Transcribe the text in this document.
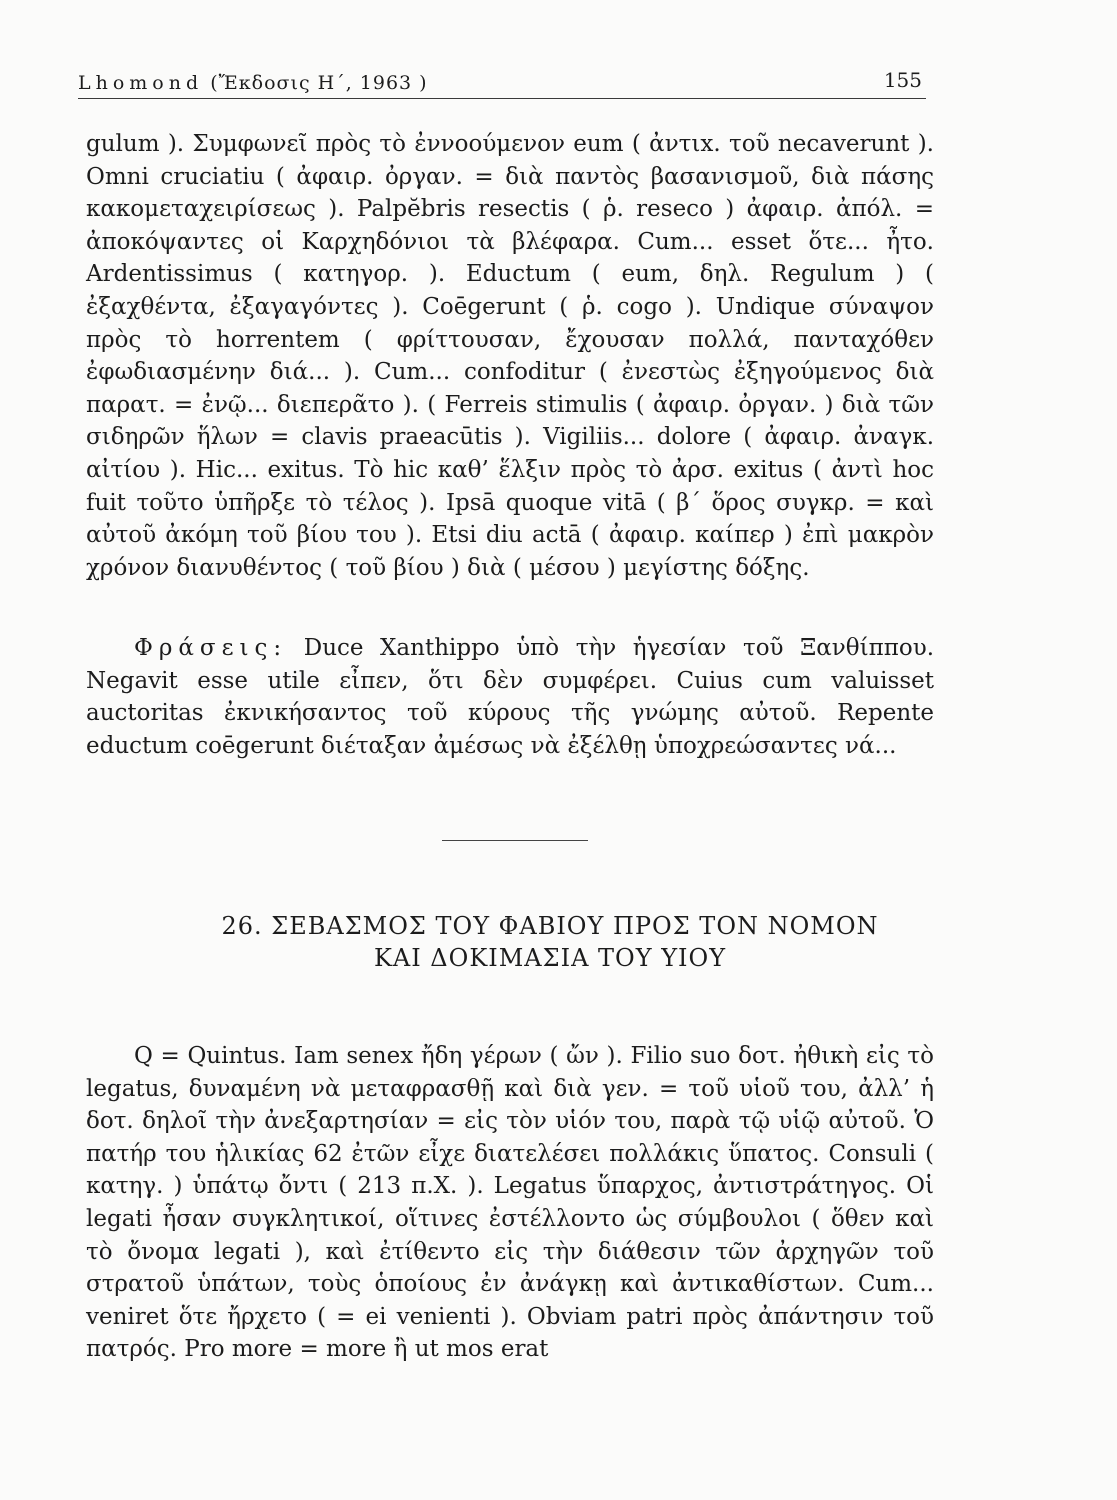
Lhomond (Ἔκδοσις Η΄, 1963 )	155

gulum ). Συμφωνεῖ πρὸς τὸ ἐννοούμενον eum ( ἀντιx. τοῦ necaverunt ). Omni cruciatiu ( ἀφαιρ. ὀργαν. = διὰ παντὸς βασανισμοῦ, διὰ πάσης κακομεταχειρίσεως ). Palpĕbris resectis ( ῥ. reseco ) ἀφαιρ. ἀπόλ. = ἀποκόψαντες οἱ Καρχηδόνιοι τὰ βλέφαρα. Cum... esset ὅτε... ἦτο. Ardentissimus ( κατηγορ. ). Eductum ( eum, δηλ. Regulum ) ( ἐξαχθέντα, ἐξαγαγόντες ). Coēgerunt ( ῥ. cogo ). Undique σύναψον πρὸς τὸ horrentem ( φρίττουσαν, ἔχουσαν πολλά, πανταχόθεν ἐφωδιασμένην διά... ). Cum... confoditur ( ἐνεστὼς ἐξηγούμενος διὰ παρατ. = ἐνῷ... διεπερᾶτο ). ( Ferreis stimulis ( ἀφαιρ. ὀργαν. ) διὰ τῶν σιδηρῶν ἥλων = clavis praeacūtis ). Vigiliis... dolore ( ἀφαιρ. ἀναγκ. αἰτίου ). Hic... exitus. Τὸ hic καθ’ ἕλξιν πρὸς τὸ ἀρσ. exitus ( ἀντὶ hoc fuit τοῦτο ὑπῆρξε τὸ τέλος ). Ipsā quoque vitā ( β΄ ὅρος συγκρ. = καὶ αὐτοῦ ἀκόμη τοῦ βίου του ). Etsi diu actā ( ἀφαιρ. καίπερ ) ἐπὶ μακρὸν χρόνον διανυθέντος ( τοῦ βίου ) διὰ ( μέσου ) μεγίστης δόξης.

Φράσεις: Duce Xanthippo ὑπὸ τὴν ἡγεσίαν τοῦ Ξανθίππου. Negavit esse utile εἶπεν, ὅτι δὲν συμφέρει. Cuius cum valuisset auctoritas ἐκνικήσαντος τοῦ κύρους τῆς γνώμης αὐτοῦ. Repente eductum coēgerunt διέταξαν ἀμέσως νὰ ἐξέλθῃ ὑποχρεώσαντες νά...

26. ΣΕΒΑΣΜΟΣ ΤΟΥ ΦΑΒΙΟΥ ΠΡΟΣ ΤΟΝ ΝΟΜΟΝ
ΚΑΙ ΔΟΚΙΜΑΣΙΑ ΤΟΥ ΥΙΟΥ

Q = Quintus. Iam senex ἤδη γέρων ( ὤν ). Filio suo δοτ. ἠθικὴ εἰς τὸ legatus, δυναμένη νὰ μεταφρασθῇ καὶ διὰ γεν. = τοῦ υἱοῦ του, ἀλλ’ ἡ δοτ. δηλοῖ τὴν ἀνεξαρτησίαν = εἰς τὸν υἱόν του, παρὰ τῷ υἱῷ αὐτοῦ. Ὁ πατήρ του ἡλικίας 62 ἐτῶν εἶχε διατελέσει πολλάκις ὕπατος. Consuli ( κατηγ. ) ὑπάτῳ ὄντι ( 213 π.Χ. ). Legatus ὕπαρχος, ἀντιστράτηγος. Οἱ legati ἦσαν συγκλητικοί, οἵτινες ἐστέλλοντο ὡς σύμβουλοι ( ὅθεν καὶ τὸ ὄνομα legati ), καὶ ἐτίθεντο εἰς τὴν διάθεσιν τῶν ἀρχηγῶν τοῦ στρατοῦ ὑπάτων, τοὺς ὁποίους ἐν ἀνάγκῃ καὶ ἀντικαθίστων. Cum... veniret ὅτε ἤρχετο ( = ei venienti ). Obviam patri πρὸς ἀπάντησιν τοῦ πατρός. Pro more = more ἢ ut mos erat
